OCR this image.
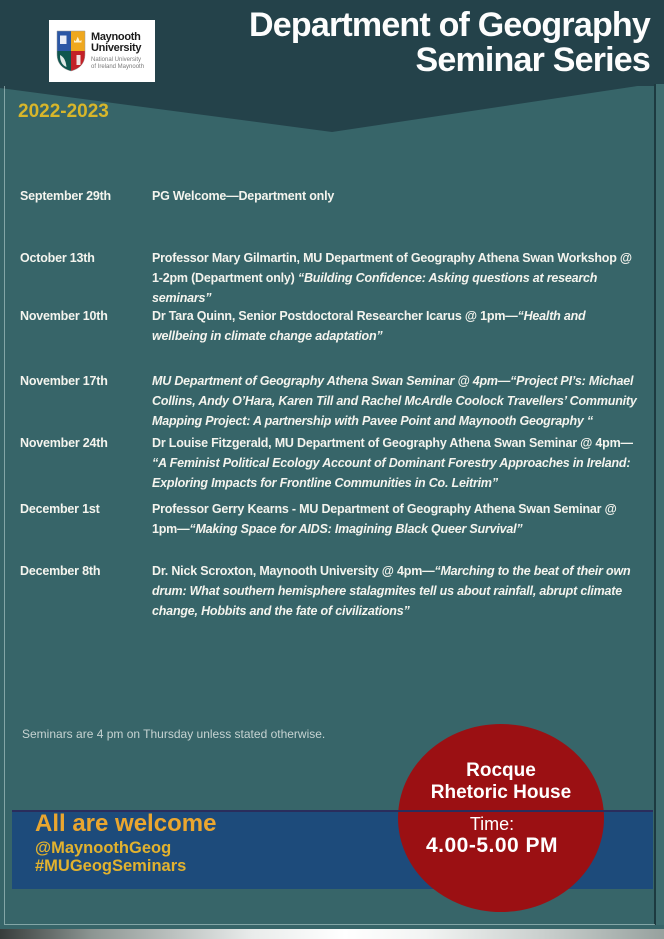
Maynooth
University
National University
of Ireland Maynooth
Department of Geography
Seminar Series
2022-2023
September 29th	PG Welcome—Department only
October 13th	Professor Mary Gilmartin, MU Department of Geography Athena Swan Workshop @ 1-2pm (Department only) “Building Confidence: Asking questions at research seminars”
November 10th	Dr Tara Quinn, Senior Postdoctoral Researcher Icarus @ 1pm—“Health and wellbeing in climate change adaptation”
November 17th	MU Department of Geography Athena Swan Seminar @ 4pm—“Project PI’s: Michael Collins, Andy O’Hara, Karen Till and Rachel McArdle Coolock Travellers’ Community Mapping Project: A partnership with Pavee Point and Maynooth Geography “
November 24th	Dr Louise Fitzgerald, MU Department of Geography Athena Swan Seminar @ 4pm— “A Feminist Political Ecology Account of Dominant Forestry Approaches in Ireland: Exploring Impacts for Frontline Communities in Co. Leitrim”
December 1st	Professor Gerry Kearns - MU Department of Geography Athena Swan Seminar @ 1pm—“Making Space for AIDS: Imagining Black Queer Survival”
December 8th	Dr. Nick Scroxton, Maynooth University @ 4pm—“Marching to the beat of their own drum: What southern hemisphere stalagmites tell us about rainfall, abrupt climate change, Hobbits and the fate of civilizations”
Seminars are 4 pm on Thursday unless stated otherwise.
Rocque
Rhetoric House
Time:
4.00-5.00 PM
All are welcome
@MaynoothGeog
#MUGeogSeminars
